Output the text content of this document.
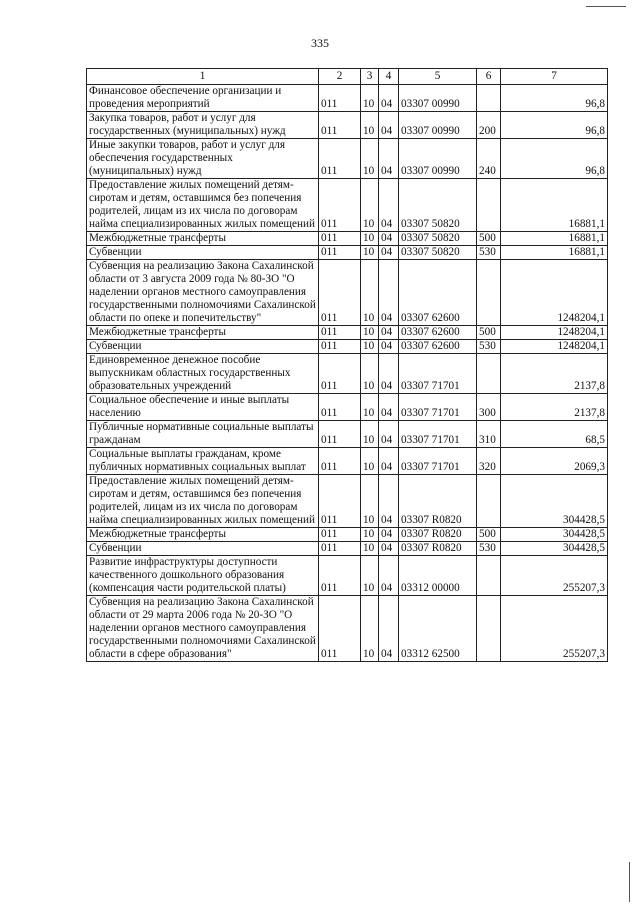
335
1	2	3	4	5	6	7
Финансовое обеспечение организации и проведения мероприятий	011	10	04	03307 00990		96,8
Закупка товаров, работ и услуг для государственных (муниципальных) нужд	011	10	04	03307 00990	200	96,8
Иные закупки товаров, работ и услуг для обеспечения государственных (муниципальных) нужд	011	10	04	03307 00990	240	96,8
Предоставление жилых помещений детям-сиротам и детям, оставшимся без попечения родителей, лицам из их числа по договорам найма специализированных жилых помещений	011	10	04	03307 50820		16881,1
Межбюджетные трансферты	011	10	04	03307 50820	500	16881,1
Субвенции	011	10	04	03307 50820	530	16881,1
Субвенция на реализацию Закона Сахалинской области от 3 августа 2009 года № 80-ЗО "О наделении органов местного самоуправления государственными полномочиями Сахалинской области по опеке и попечительству"	011	10	04	03307 62600		1248204,1
Межбюджетные трансферты	011	10	04	03307 62600	500	1248204,1
Субвенции	011	10	04	03307 62600	530	1248204,1
Единовременное денежное пособие выпускникам областных государственных образовательных учреждений	011	10	04	03307 71701		2137,8
Социальное обеспечение и иные выплаты населению	011	10	04	03307 71701	300	2137,8
Публичные нормативные социальные выплаты гражданам	011	10	04	03307 71701	310	68,5
Социальные выплаты гражданам, кроме публичных нормативных социальных выплат	011	10	04	03307 71701	320	2069,3
Предоставление жилых помещений детям-сиротам и детям, оставшимся без попечения родителей, лицам из их числа по договорам найма специализированных жилых помещений	011	10	04	03307 R0820		304428,5
Межбюджетные трансферты	011	10	04	03307 R0820	500	304428,5
Субвенции	011	10	04	03307 R0820	530	304428,5
Развитие инфраструктуры доступности качественного дошкольного образования (компенсация части родительской платы)	011	10	04	03312 00000		255207,3
Субвенция на реализацию Закона Сахалинской области от 29 марта 2006 года № 20-ЗО "О наделении органов местного самоуправления государственными полномочиями Сахалинской области в сфере образования"	011	10	04	03312 62500		255207,3
